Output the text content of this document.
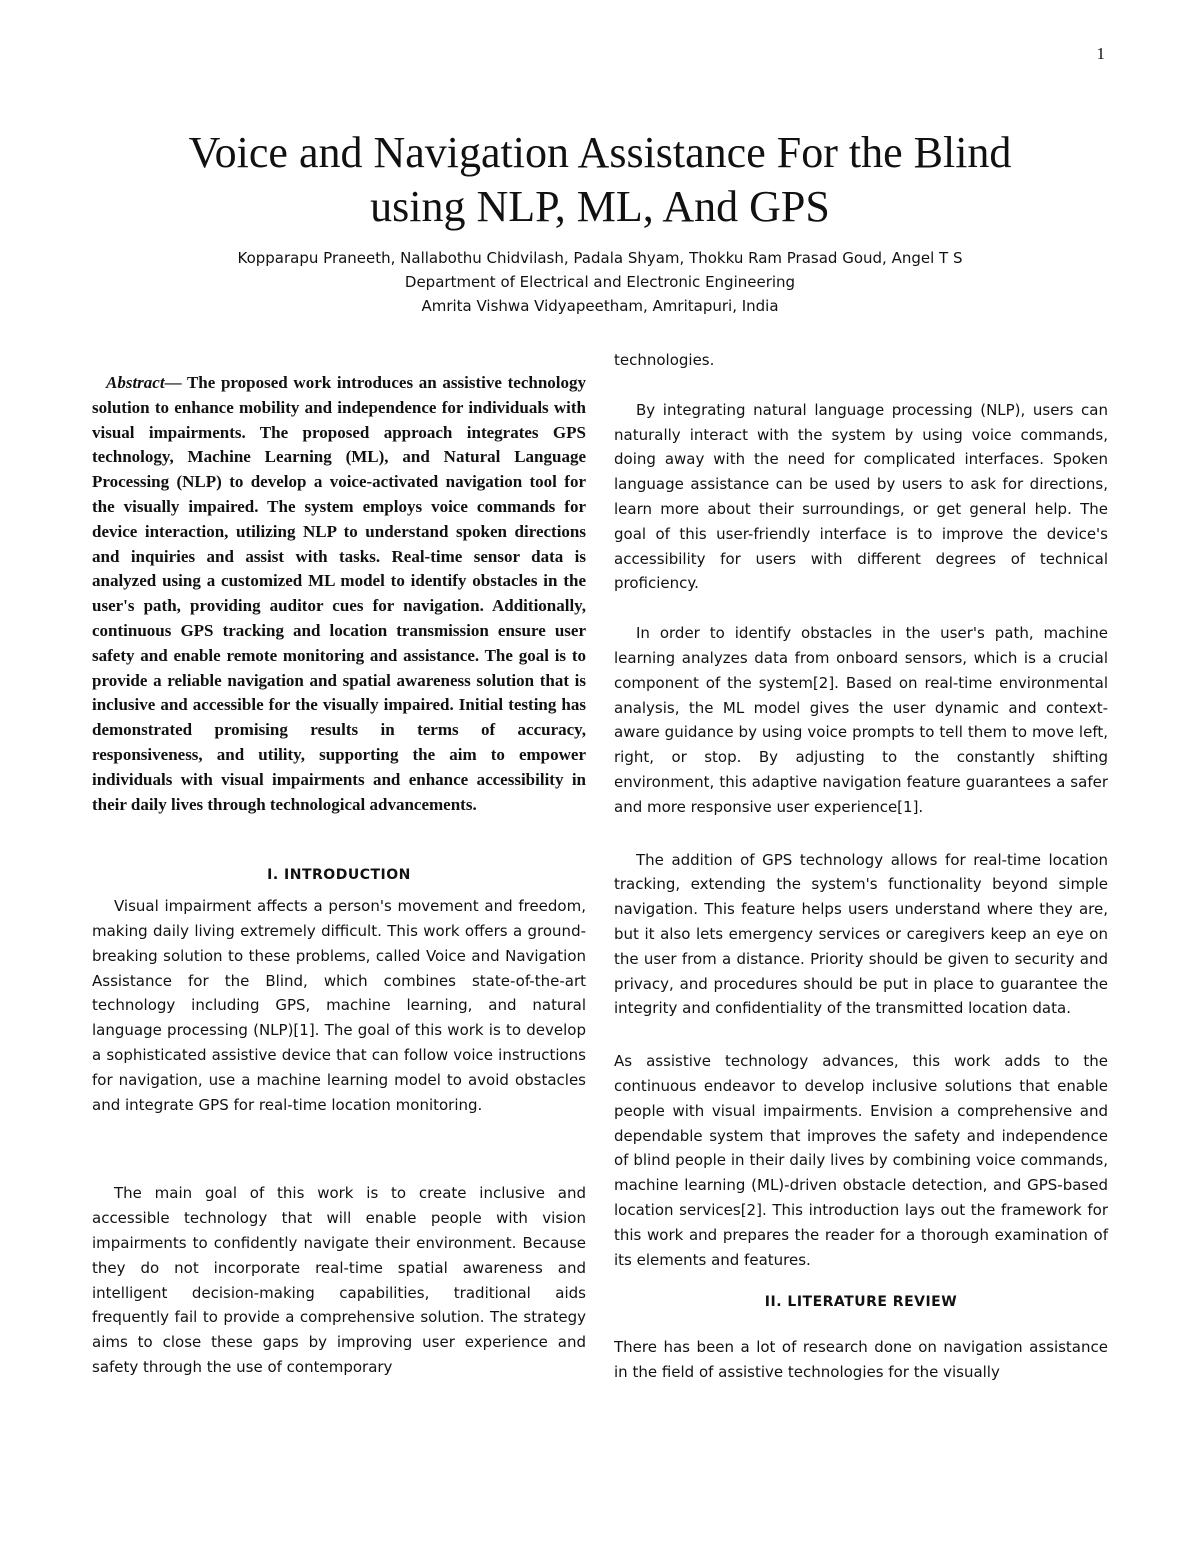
1
Voice and Navigation Assistance For the Blind
using NLP, ML, And GPS
Kopparapu Praneeth, Nallabothu Chidvilash, Padala Shyam, Thokku Ram Prasad Goud, Angel T S
Department of Electrical and Electronic Engineering
Amrita Vishwa Vidyapeetham, Amritapuri, India

Abstract— The proposed work introduces an assistive technology solution to enhance mobility and independence for individuals with visual impairments. The proposed approach integrates GPS technology, Machine Learning (ML), and Natural Language Processing (NLP) to develop a voice-activated navigation tool for the visually impaired. The system employs voice commands for device interaction, utilizing NLP to understand spoken directions and inquiries and assist with tasks. Real-time sensor data is analyzed using a customized ML model to identify obstacles in the user's path, providing auditor cues for navigation. Additionally, continuous GPS tracking and location transmission ensure user safety and enable remote monitoring and assistance. The goal is to provide a reliable navigation and spatial awareness solution that is inclusive and accessible for the visually impaired. Initial testing has demonstrated promising results in terms of accuracy, responsiveness, and utility, supporting the aim to empower individuals with visual impairments and enhance accessibility in their daily lives through technological advancements.

I. INTRODUCTION

Visual impairment affects a person's movement and freedom, making daily living extremely difficult. This work offers a ground-breaking solution to these problems, called Voice and Navigation Assistance for the Blind, which combines state-of-the-art technology including GPS, machine learning, and natural language processing (NLP)[1]. The goal of this work is to develop a sophisticated assistive device that can follow voice instructions for navigation, use a machine learning model to avoid obstacles and integrate GPS for real-time location monitoring.

The main goal of this work is to create inclusive and accessible technology that will enable people with vision impairments to confidently navigate their environment. Because they do not incorporate real-time spatial awareness and intelligent decision-making capabilities, traditional aids frequently fail to provide a comprehensive solution. The strategy aims to close these gaps by improving user experience and safety through the use of contemporary

technologies.

By integrating natural language processing (NLP), users can naturally interact with the system by using voice commands, doing away with the need for complicated interfaces. Spoken language assistance can be used by users to ask for directions, learn more about their surroundings, or get general help. The goal of this user-friendly interface is to improve the device's accessibility for users with different degrees of technical proficiency.

In order to identify obstacles in the user's path, machine learning analyzes data from onboard sensors, which is a crucial component of the system[2]. Based on real-time environmental analysis, the ML model gives the user dynamic and context-aware guidance by using voice prompts to tell them to move left, right, or stop. By adjusting to the constantly shifting environment, this adaptive navigation feature guarantees a safer and more responsive user experience[1].

The addition of GPS technology allows for real-time location tracking, extending the system's functionality beyond simple navigation. This feature helps users understand where they are, but it also lets emergency services or caregivers keep an eye on the user from a distance. Priority should be given to security and privacy, and procedures should be put in place to guarantee the integrity and confidentiality of the transmitted location data.

As assistive technology advances, this work adds to the continuous endeavor to develop inclusive solutions that enable people with visual impairments. Envision a comprehensive and dependable system that improves the safety and independence of blind people in their daily lives by combining voice commands, machine learning (ML)-driven obstacle detection, and GPS-based location services[2]. This introduction lays out the framework for this work and prepares the reader for a thorough examination of its elements and features.

II. LITERATURE REVIEW

There has been a lot of research done on navigation assistance in the field of assistive technologies for the visually
